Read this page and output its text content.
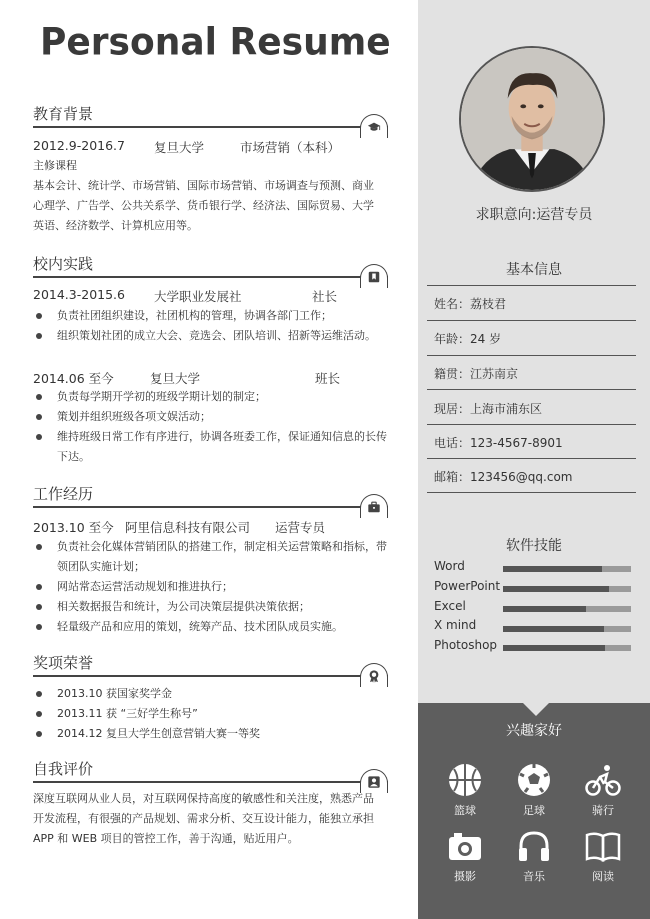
Personal Resume
教育背景
2012.9-2016.7 复旦大学	市场营销（本科）
主修课程
基本会计、统计学、市场营销、国际市场营销、市场调查与预测、商业
心理学、广告学、公共关系学、货币银行学、经济法、国际贸易、大学
英语、经济数学、计算机应用等。
校内实践
2014.3-2015.6 大学职业发展社	社长
负责社团组织建设，社团机构的管理，协调各部门工作；
组织策划社团的成立大会、竞选会、团队培训、招新等运维活动。
2014.06 至今	复旦大学	班长
负责每学期开学初的班级学期计划的制定；
策划并组织班级各项文娱活动；
维持班级日常工作有序进行，协调各班委工作，保证通知信息的长传下达。
工作经历
2013.10 至今 阿里信息科技有限公司 运营专员
负责社会化媒体营销团队的搭建工作，制定相关运营策略和指标，带领团队实施计划；
网站常态运营活动规划和推进执行；
相关数据报告和统计，为公司决策层提供决策依据；
轻量级产品和应用的策划，统筹产品、技术团队成员实施。
奖项荣誉
2013.10 获国家奖学金
2013.11 获 “三好学生称号”
2014.12 复旦大学生创意营销大赛一等奖
自我评价
深度互联网从业人员，对互联网保持高度的敏感性和关注度，熟悉产品
开发流程，有很强的产品规划、需求分析、交互设计能力，能独立承担
APP 和 WEB 项目的管控工作，善于沟通，贴近用户。
求职意向:运营专员
基本信息
姓名：荔枝君
年龄：24 岁
籍贯：江苏南京
现居：上海市浦东区
电话：123-4567-8901
邮箱：123456@qq.com
软件技能
Word
PowerPoint
Excel
X mind
Photoshop
兴趣家好
篮球	足球	骑行
摄影	音乐	阅读
